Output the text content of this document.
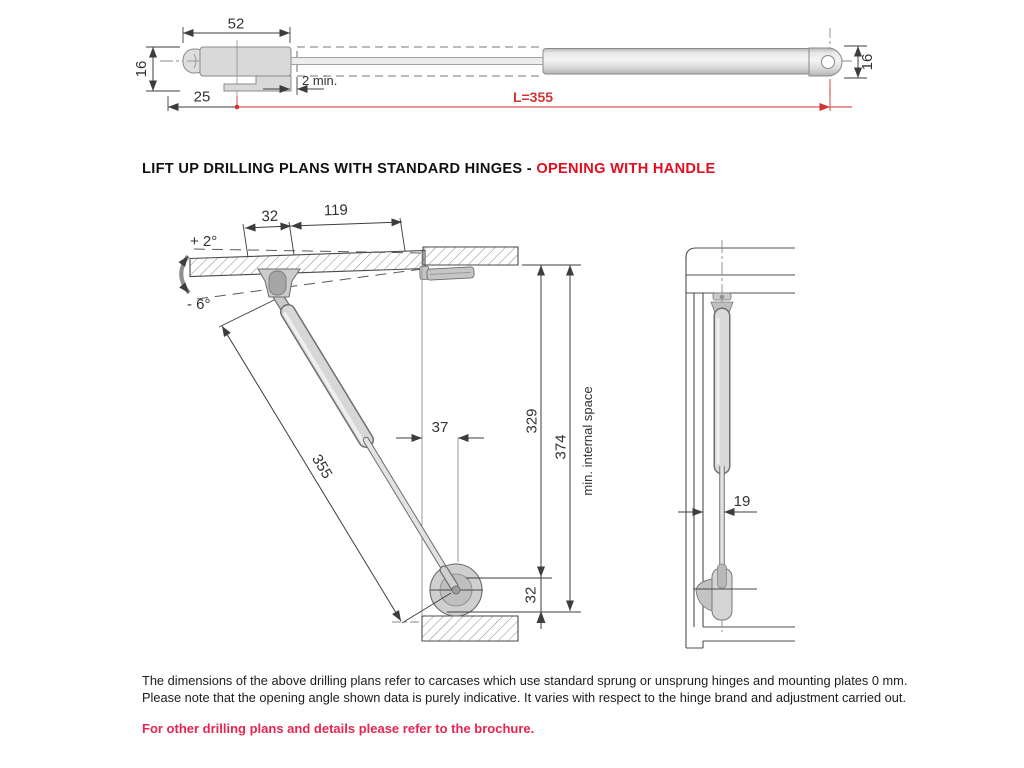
52
16
25	L=355
2 min.
16
+ 2°
- 6°
32	119
355
37	329
374
32
min. internal space
19
LIFT UP DRILLING PLANS WITH STANDARD HINGES - OPENING WITH HANDLE
The dimensions of the above drilling plans refer to carcases which use standard sprung or unsprung hinges and mounting plates 0 mm.
Please note that the opening angle shown data is purely indicative. It varies with respect to the hinge brand and adjustment carried out.
For other drilling plans and details please refer to the brochure.
